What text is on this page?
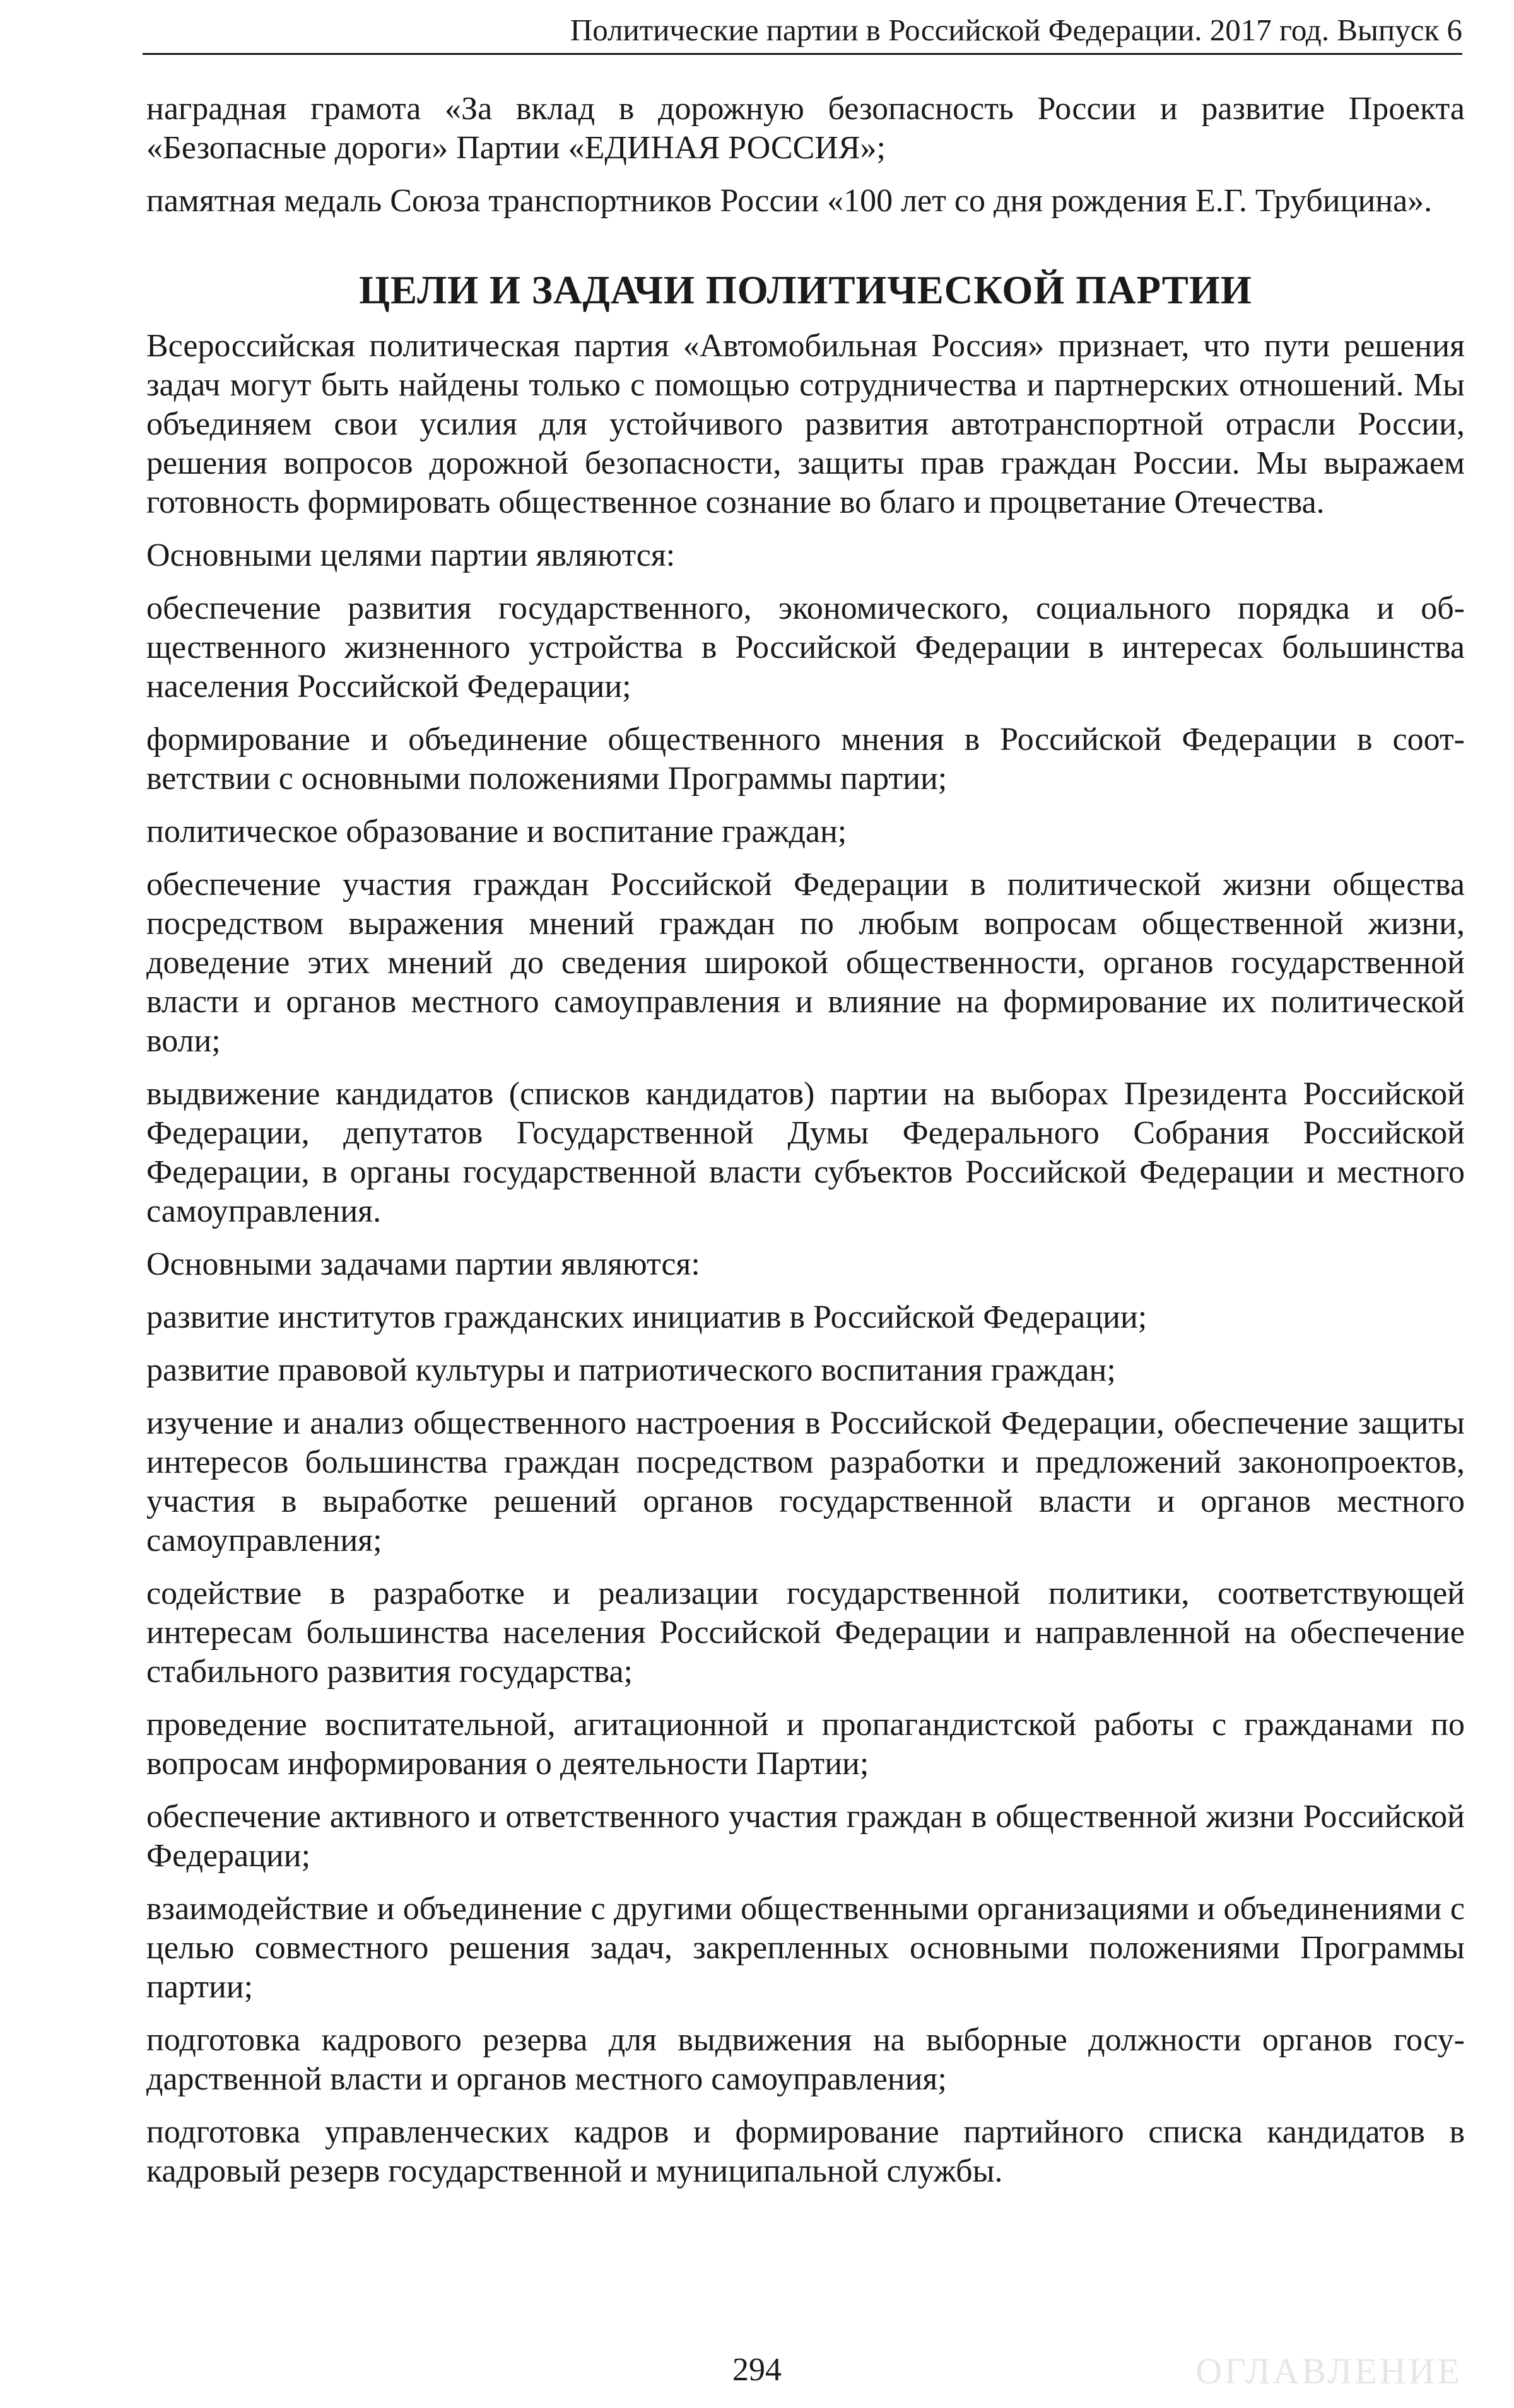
Политические партии в Российской Федерации. 2017 год. Выпуск 6

наградная грамота «За вклад в дорожную безопасность России и развитие Проекта «Безопасные дороги» Партии «ЕДИНАЯ РОССИЯ»;

памятная медаль Союза транспортников России «100 лет со дня рождения Е.Г. Трубицина».

ЦЕЛИ И ЗАДАЧИ ПОЛИТИЧЕСКОЙ ПАРТИИ

Всероссийская политическая партия «Автомобильная Россия» признает, что пути решения задач могут быть найдены только с помощью сотрудничества и партнерских отношений. Мы объединяем свои усилия для устойчивого развития автотранспортной отрасли России, решения вопросов дорожной безопасности, защиты прав граждан России. Мы выражаем готовность формировать общественное сознание во благо и процветание Отечества.

Основными целями партии являются:

обеспечение развития государственного, экономического, социального порядка и общественного жизненного устройства в Российской Федерации в интересах большинства населения Российской Федерации;

формирование и объединение общественного мнения в Российской Федерации в соответствии с основными положениями Программы партии;

политическое образование и воспитание граждан;

обеспечение участия граждан Российской Федерации в политической жизни общества посредством выражения мнений граждан по любым вопросам общественной жизни, доведение этих мнений до сведения широкой общественности, органов государственной власти и органов местного самоуправления и влияние на формирование их политической воли;

выдвижение кандидатов (списков кандидатов) партии на выборах Президента Российской Федерации, депутатов Государственной Думы Федерального Собрания Российской Федерации, в органы государственной власти субъектов Российской Федерации и местного самоуправления.

Основными задачами партии являются:

развитие институтов гражданских инициатив в Российской Федерации;

развитие правовой культуры и патриотического воспитания граждан;

изучение и анализ общественного настроения в Российской Федерации, обеспечение защиты интересов большинства граждан посредством разработки и предложений законопроектов, участия в выработке решений органов государственной власти и органов местного самоуправления;

содействие в разработке и реализации государственной политики, соответствующей интересам большинства населения Российской Федерации и направленной на обеспечение стабильного развития государства;

проведение воспитательной, агитационной и пропагандистской работы с гражданами по вопросам информирования о деятельности Партии;

обеспечение активного и ответственного участия граждан в общественной жизни Российской Федерации;

взаимодействие и объединение с другими общественными организациями и объединениями с целью совместного решения задач, закрепленных основными положениями Программы партии;

подготовка кадрового резерва для выдвижения на выборные должности органов государственной власти и органов местного самоуправления;

подготовка управленческих кадров и формирование партийного списка кандидатов в кадровый резерв государственной и муниципальной службы.

294	ОГЛАВЛЕНИЕ
